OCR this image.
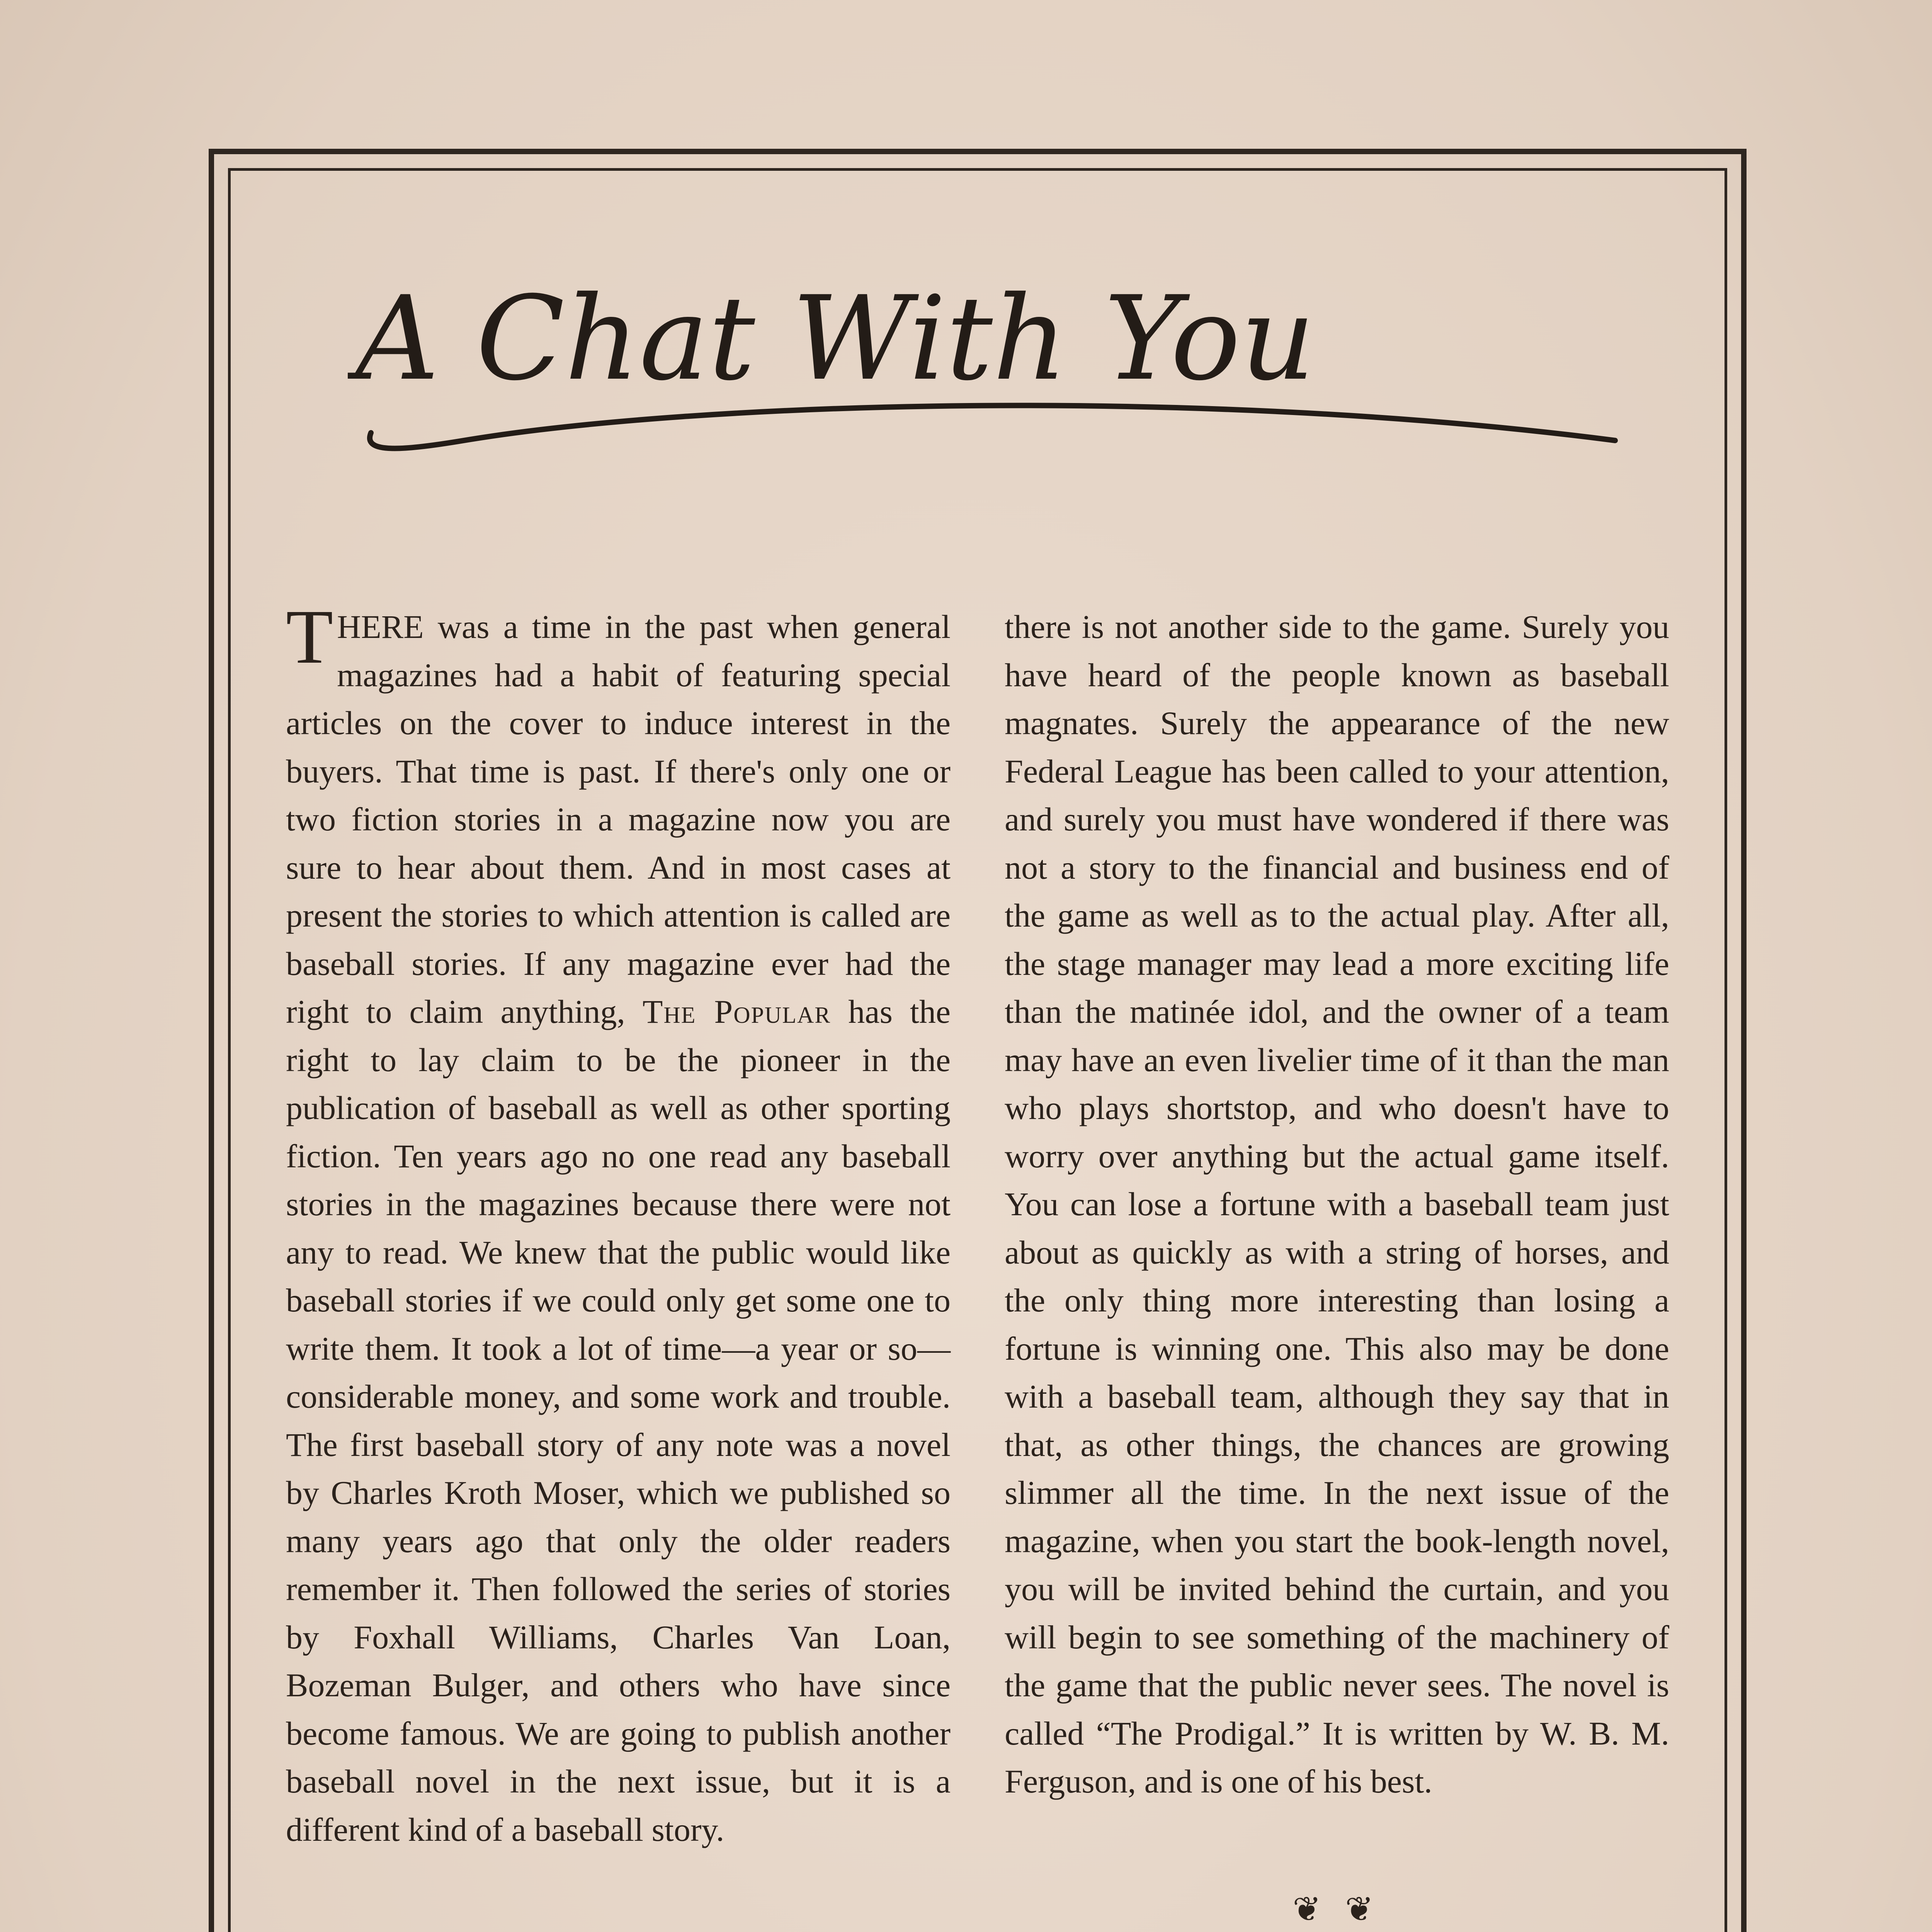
A Chat With You

THERE was a time in the past when general magazines had a habit of featuring special articles on the cover to induce interest in the buyers. That time is past. If there's only one or two fiction stories in a magazine now you are sure to hear about them. And in most cases at present the stories to which attention is called are baseball stories. If any magazine ever had the right to claim anything, The Popular has the right to lay claim to be the pioneer in the publication of baseball as well as other sporting fiction. Ten years ago no one read any baseball stories in the magazines because there were not any to read. We knew that the public would like baseball stories if we could only get some one to write them. It took a lot of time—a year or so—considerable money, and some work and trouble. The first baseball story of any note was a novel by Charles Kroth Moser, which we published so many years ago that only the older readers remember it. Then followed the series of stories by Foxhall Williams, Charles Van Loan, Bozeman Bulger, and others who have since become famous. We are going to publish another baseball novel in the next issue, but it is a different kind of a baseball story.

there is not another side to the game. Surely you have heard of the people known as baseball magnates. Surely the appearance of the new Federal League has been called to your attention, and surely you must have wondered if there was not a story to the financial and business end of the game as well as to the actual play. After all, the stage manager may lead a more exciting life than the matinée idol, and the owner of a team may have an even livelier time of it than the man who plays shortstop, and who doesn't have to worry over anything but the actual game itself. You can lose a fortune with a baseball team just about as quickly as with a string of horses, and the only thing more interesting than losing a fortune is winning one. This also may be done with a baseball team, although they say that in that, as other things, the chances are growing slimmer all the time. In the next issue of the magazine, when you start the book-length novel, you will be invited behind the curtain, and you will begin to see something of the machinery of the game that the public never sees. The novel is called “The Prodigal.” It is written by W. B. M. Ferguson, and is one of his best.

❦ ❦
